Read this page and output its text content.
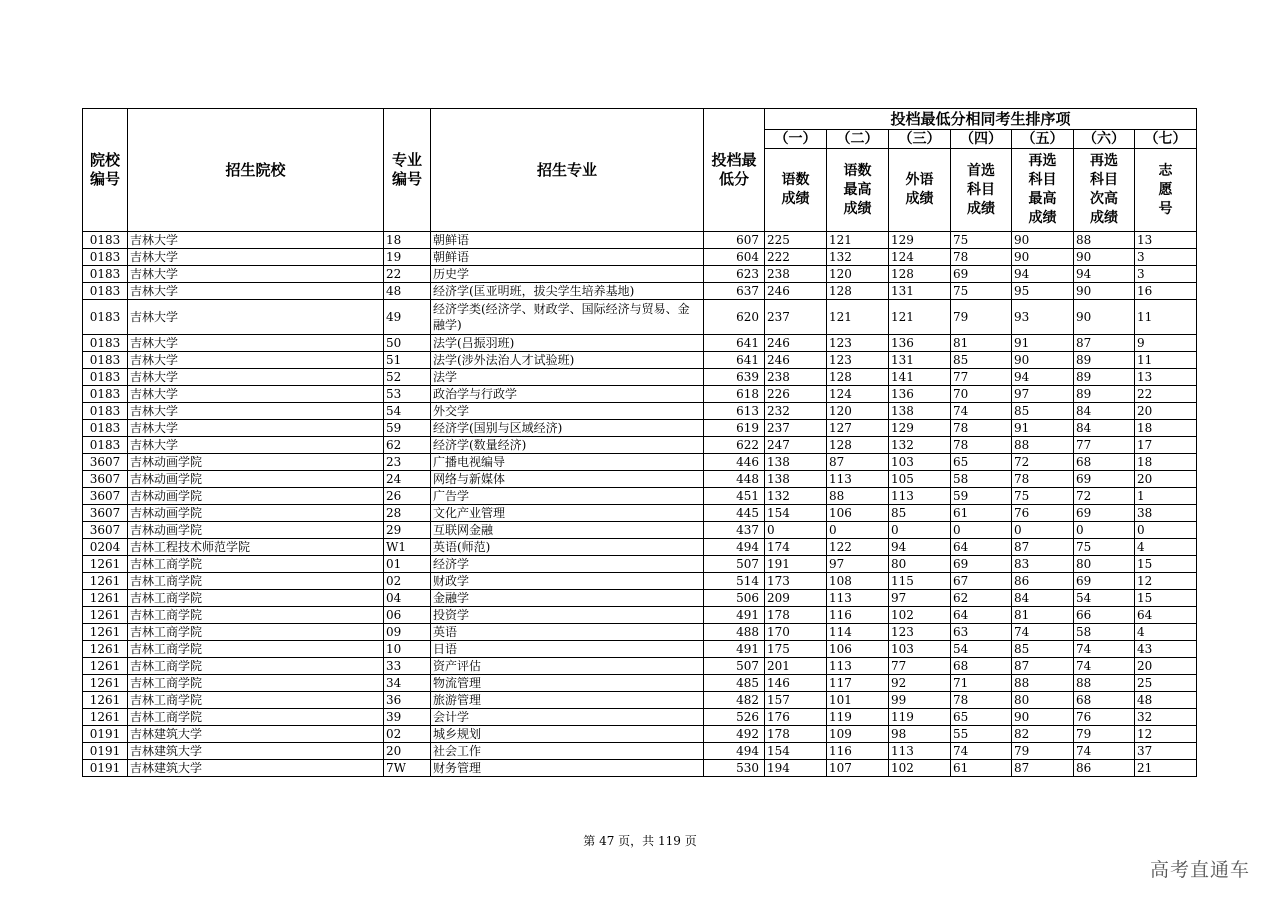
院校编号	招生院校	专业编号	招生专业	投档最低分	投档最低分相同考生排序项						
					（一）	（二）	（三）	（四）	（五）	（六）	（七）
					语数成绩	语数最高成绩	外语成绩	首选科目成绩	再选科目最高成绩	再选科目次高成绩	志愿号
0183	吉林大学	18	朝鲜语	607	225	121	129	75	90	88	13
0183	吉林大学	19	朝鲜语	604	222	132	124	78	90	90	3
0183	吉林大学	22	历史学	623	238	120	128	69	94	94	3
0183	吉林大学	48	经济学(匡亚明班，拔尖学生培养基地)	637	246	128	131	75	95	90	16
0183	吉林大学	49	经济学类(经济学、财政学、国际经济与贸易、金融学)	620	237	121	121	79	93	90	11
0183	吉林大学	50	法学(吕振羽班)	641	246	123	136	81	91	87	9
0183	吉林大学	51	法学(涉外法治人才试验班)	641	246	123	131	85	90	89	11
0183	吉林大学	52	法学	639	238	128	141	77	94	89	13
0183	吉林大学	53	政治学与行政学	618	226	124	136	70	97	89	22
0183	吉林大学	54	外交学	613	232	120	138	74	85	84	20
0183	吉林大学	59	经济学(国别与区域经济)	619	237	127	129	78	91	84	18
0183	吉林大学	62	经济学(数量经济)	622	247	128	132	78	88	77	17
3607	吉林动画学院	23	广播电视编导	446	138	87	103	65	72	68	18
3607	吉林动画学院	24	网络与新媒体	448	138	113	105	58	78	69	20
3607	吉林动画学院	26	广告学	451	132	88	113	59	75	72	1
3607	吉林动画学院	28	文化产业管理	445	154	106	85	61	76	69	38
3607	吉林动画学院	29	互联网金融	437	0	0	0	0	0	0	0
0204	吉林工程技术师范学院	W1	英语(师范)	494	174	122	94	64	87	75	4
1261	吉林工商学院	01	经济学	507	191	97	80	69	83	80	15
1261	吉林工商学院	02	财政学	514	173	108	115	67	86	69	12
1261	吉林工商学院	04	金融学	506	209	113	97	62	84	54	15
1261	吉林工商学院	06	投资学	491	178	116	102	64	81	66	64
1261	吉林工商学院	09	英语	488	170	114	123	63	74	58	4
1261	吉林工商学院	10	日语	491	175	106	103	54	85	74	43
1261	吉林工商学院	33	资产评估	507	201	113	77	68	87	74	20
1261	吉林工商学院	34	物流管理	485	146	117	92	71	88	88	25
1261	吉林工商学院	36	旅游管理	482	157	101	99	78	80	68	48
1261	吉林工商学院	39	会计学	526	176	119	119	65	90	76	32
0191	吉林建筑大学	02	城乡规划	492	178	109	98	55	82	79	12
0191	吉林建筑大学	20	社会工作	494	154	116	113	74	79	74	37
0191	吉林建筑大学	7W	财务管理	530	194	107	102	61	87	86	21
第 47 页，共 119 页
高考直通车
